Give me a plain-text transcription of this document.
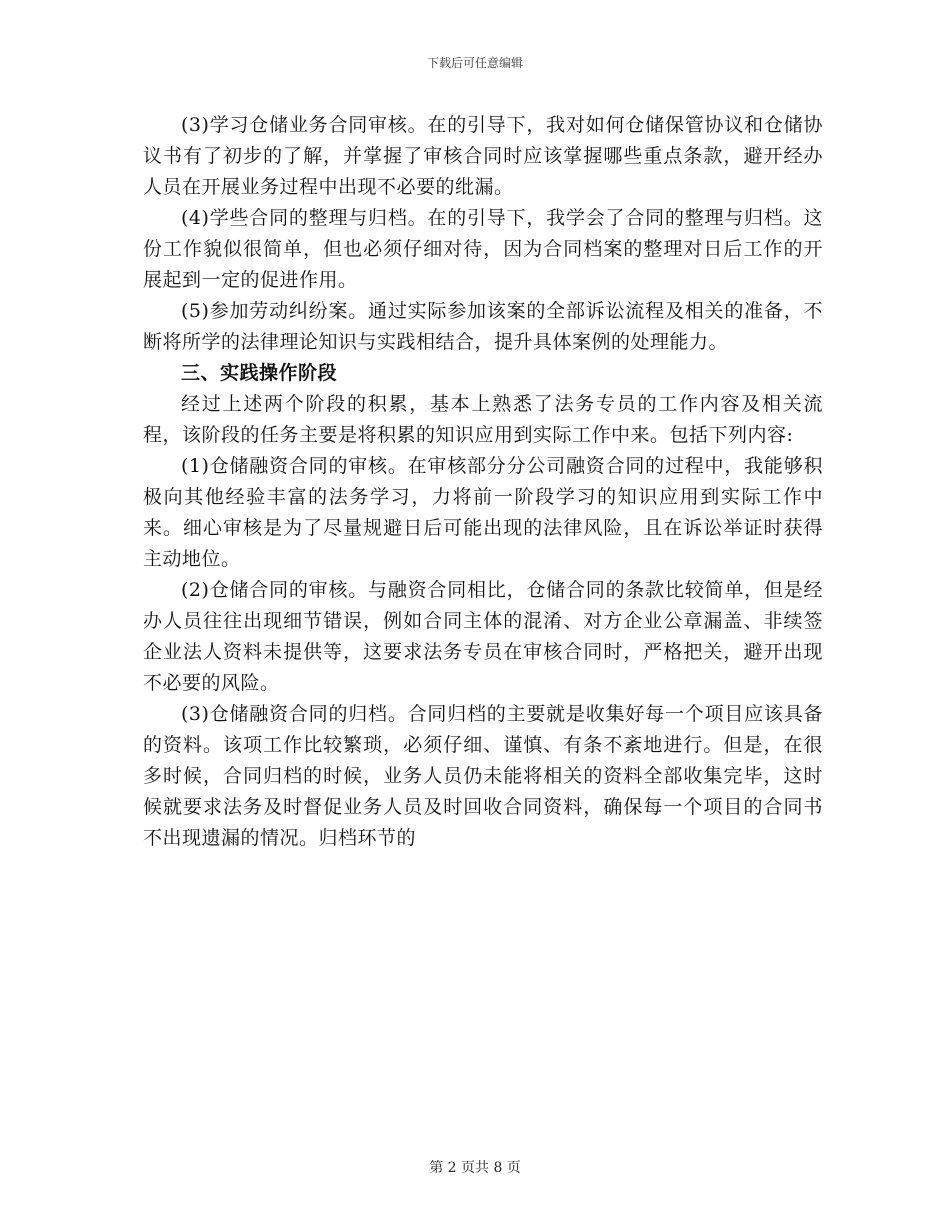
下载后可任意编辑

(3)学习仓储业务合同审核。在的引导下，我对如何仓储保管协议和仓储协议书有了初步的了解，并掌握了审核合同时应该掌握哪些重点条款，避开经办人员在开展业务过程中出现不必要的纰漏。

(4)学些合同的整理与归档。在的引导下，我学会了合同的整理与归档。这份工作貌似很简单，但也必须仔细对待，因为合同档案的整理对日后工作的开展起到一定的促进作用。

(5)参加劳动纠纷案。通过实际参加该案的全部诉讼流程及相关的准备，不断将所学的法律理论知识与实践相结合，提升具体案例的处理能力。

三、实践操作阶段

经过上述两个阶段的积累，基本上熟悉了法务专员的工作内容及相关流程，该阶段的任务主要是将积累的知识应用到实际工作中来。包括下列内容:

(1)仓储融资合同的审核。在审核部分分公司融资合同的过程中，我能够积极向其他经验丰富的法务学习，力将前一阶段学习的知识应用到实际工作中来。细心审核是为了尽量规避日后可能出现的法律风险，且在诉讼举证时获得主动地位。

(2)仓储合同的审核。与融资合同相比，仓储合同的条款比较简单，但是经办人员往往出现细节错误，例如合同主体的混淆、对方企业公章漏盖、非续签企业法人资料未提供等，这要求法务专员在审核合同时，严格把关，避开出现不必要的风险。

(3)仓储融资合同的归档。合同归档的主要就是收集好每一个项目应该具备的资料。该项工作比较繁琐，必须仔细、谨慎、有条不紊地进行。但是，在很多时候，合同归档的时候，业务人员仍未能将相关的资料全部收集完毕，这时候就要求法务及时督促业务人员及时回收合同资料，确保每一个项目的合同书不出现遗漏的情况。归档环节的

第 2 页共 8 页
